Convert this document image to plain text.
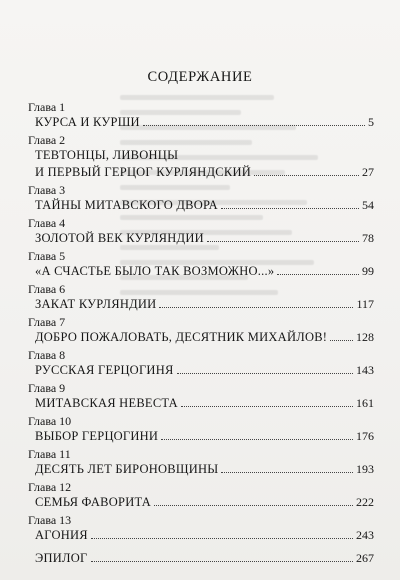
СОДЕРЖАНИЕ
Глава 1
КУРСА И КУРШИ	5
Глава 2
ТЕВТОНЦЫ, ЛИВОНЦЫ
И ПЕРВЫЙ ГЕРЦОГ КУРЛЯНДСКИЙ	27
Глава 3
ТАЙНЫ МИТАВСКОГО ДВОРА	54
Глава 4
ЗОЛОТОЙ ВЕК КУРЛЯНДИИ	78
Глава 5
«А СЧАСТЬЕ БЫЛО ТАК ВОЗМОЖНО...»	99
Глава 6
ЗАКАТ КУРЛЯНДИИ	117
Глава 7
ДОБРО ПОЖАЛОВАТЬ, ДЕСЯТНИК МИХАЙЛОВ! 128
Глава 8
РУССКАЯ ГЕРЦОГИНЯ	143
Глава 9
МИТАВСКАЯ НЕВЕСТА	161
Глава 10
ВЫБОР ГЕРЦОГИНИ	176
Глава 11
ДЕСЯТЬ ЛЕТ БИРОНОВЩИНЫ	193
Глава 12
СЕМЬЯ ФАВОРИТА	222
Глава 13
АГОНИЯ	243
ЭПИЛОГ	267
